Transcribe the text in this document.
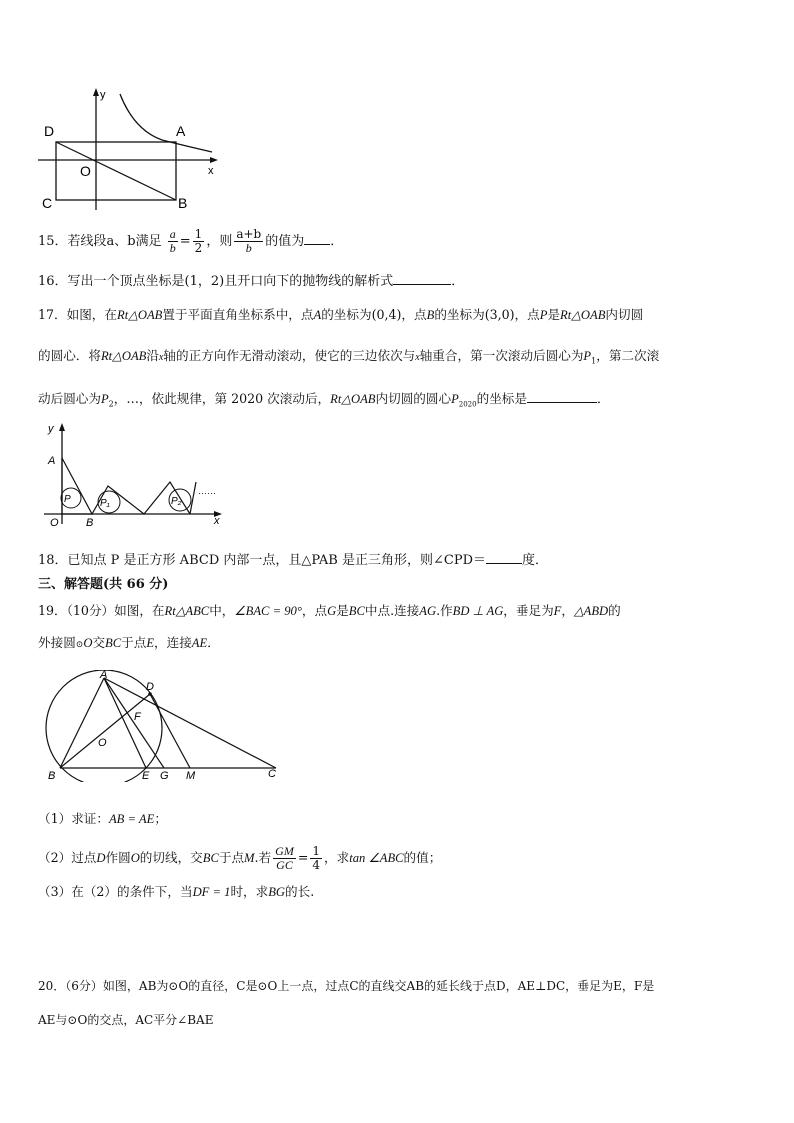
y
x
D	A
O
C	B
15．若线段a、b满足 $\frac{a}{b} = \frac{1}{2}$ ，则 $\frac{a+b}{b}$ 的值为 ．
16．写出一个顶点坐标是(1，2)且开口向下的抛物线的解析式	．
17．如图，在Rt△OAB置于平面直角坐标系中，点A的坐标为(0,4)，点B的坐标为(3,0)，点P是Rt△OAB内切圆
的圆心．将Rt△OAB沿x轴的正方向作无滑动滚动，使它的三边依次与x轴重合，第一次滚动后圆心为$P_1$，第二次滚
动后圆心为$P_2$，…，依此规律，第 2020 次滚动后，Rt△OAB内切圆的圆心$P_{2020}$的坐标是	．
y
A
O B	x
P	P₁	P₂
……
18．已知点 P 是正方形 ABCD 内部一点，且△PAB 是正三角形，则∠CPD＝	度．
三、解答题(共 66 分)
19．（10分）如图，在Rt△ABC中，∠BAC = 90°，点G是BC中点.连接AG.作BD ⊥ AG，垂足为F，△ABD的
外接圆⊙O交BC于点E，连接AE．
A
D
F
O
B	E G M	C
（1）求证：AB = AE；
（2）过点D作圆O的切线，交BC于点M.若 $\frac{GM}{GC} = \frac{1}{4}$ ，求tan ∠ABC的值；
（3）在（2）的条件下，当DF = 1时，求BG的长.
20．（6分）如图，AB为⊙O的直径，C是⊙O上一点，过点C的直线交AB的延长线于点D，AE⊥DC，垂足为E，F是
AE与⊙O的交点，AC平分∠BAE
